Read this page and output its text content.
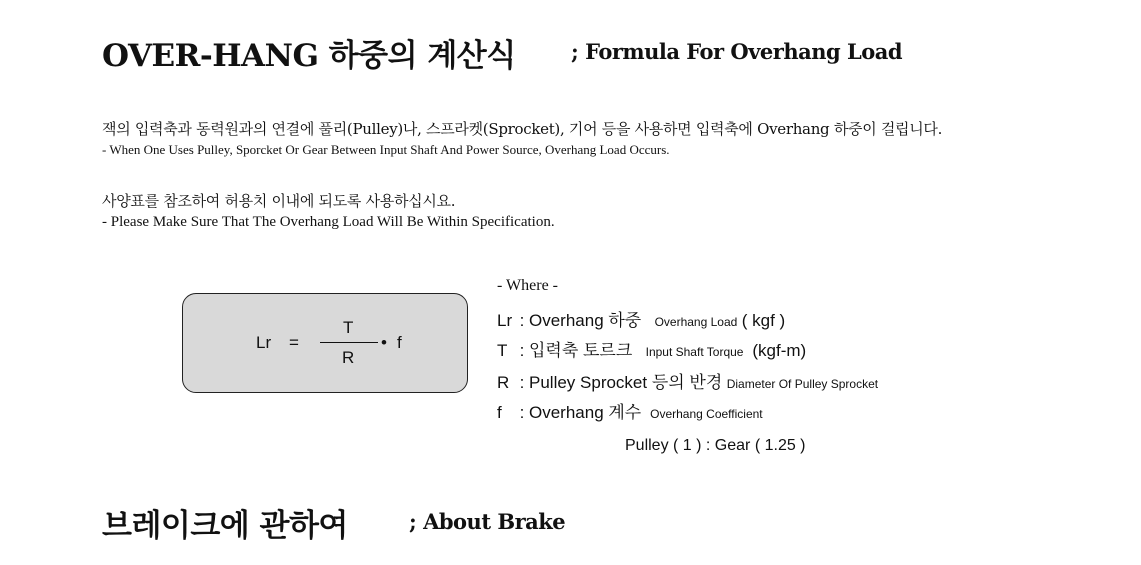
OVER-HANG 하중의 계산식	; Formula For Overhang Load
잭의 입력축과 동력원과의 연결에 풀리(Pulley)나, 스프라켓(Sprocket), 기어 등을 사용하면 입력축에 Overhang 하중이 걸립니다.
- When One Uses Pulley, Sporcket Or Gear Between Input Shaft And Power Source, Overhang Load Occurs.
사양표를 참조하여 허용치 이내에 되도록 사용하십시요.
- Please Make Sure That The Overhang Load Will Be Within Specification.
Lr =
T
R
• f
- Where -
Lr : Overhang 하중 Overhang Load ( kgf )
T : 입력축 토르크 Input Shaft Torque (kgf-m)
R : Pulley Sprocket 등의 반경 Diameter Of Pulley Sprocket
f : Overhang 계수 Overhang Coefficient
Pulley ( 1 ) : Gear ( 1.25 )
브레이크에 관하여	; About Brake
